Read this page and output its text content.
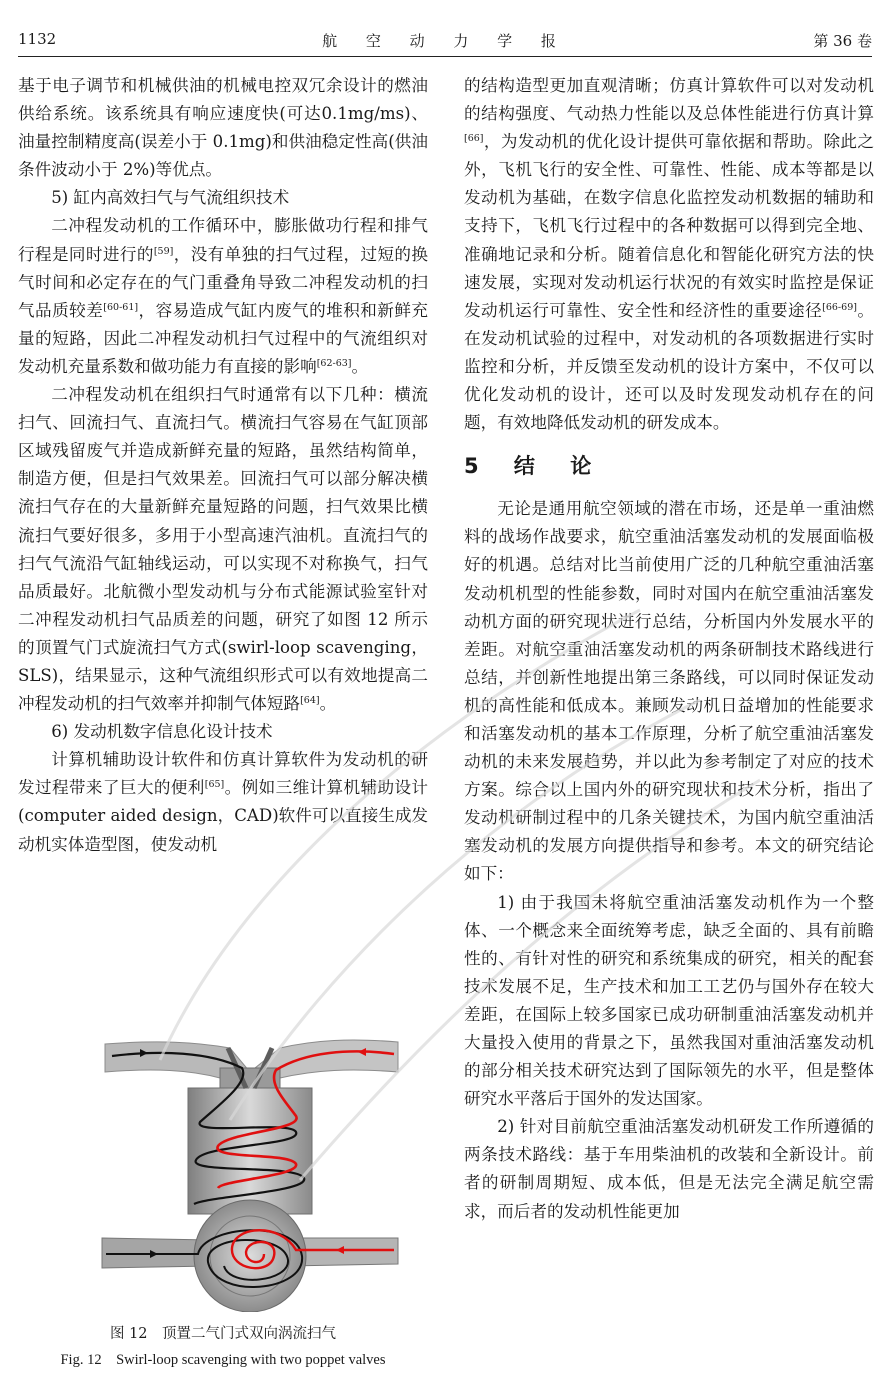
1132	航 空 动 力 学 报	第 36 卷

基于电子调节和机械供油的机械电控双冗余设计的燃油供给系统。该系统具有响应速度快(可达0.1mg/ms)、油量控制精度高(误差小于 0.1mg)和供油稳定性高(供油条件波动小于 2%)等优点。

5) 缸内高效扫气与气流组织技术

二冲程发动机的工作循环中，膨胀做功行程和排气行程是同时进行的[59]，没有单独的扫气过程，过短的换气时间和必定存在的气门重叠角导致二冲程发动机的扫气品质较差[60-61]，容易造成气缸内废气的堆积和新鲜充量的短路，因此二冲程发动机扫气过程中的气流组织对发动机充量系数和做功能力有直接的影响[62-63]。

二冲程发动机在组织扫气时通常有以下几种：横流扫气、回流扫气、直流扫气。横流扫气容易在气缸顶部区域残留废气并造成新鲜充量的短路，虽然结构简单，制造方便，但是扫气效果差。回流扫气可以部分解决横流扫气存在的大量新鲜充量短路的问题，扫气效果比横流扫气要好很多，多用于小型高速汽油机。直流扫气的扫气气流沿气缸轴线运动，可以实现不对称换气，扫气品质最好。北航微小型发动机与分布式能源试验室针对二冲程发动机扫气品质差的问题，研究了如图 12 所示的顶置气门式旋流扫气方式(swirl-loop scavenging，SLS)，结果显示，这种气流组织形式可以有效地提高二冲程发动机的扫气效率并抑制气体短路[64]。

6) 发动机数字信息化设计技术

计算机辅助设计软件和仿真计算软件为发动机的研发过程带来了巨大的便利[65]。例如三维计算机辅助设计(computer aided design，CAD)软件可以直接生成发动机实体造型图，使发动机

图 12　顶置二气门式双向涡流扫气
Fig. 12　Swirl-loop scavenging with two poppet valves

的结构造型更加直观清晰；仿真计算软件可以对发动机的结构强度、气动热力性能以及总体性能进行仿真计算[66]，为发动机的优化设计提供可靠依据和帮助。除此之外，飞机飞行的安全性、可靠性、性能、成本等都是以发动机为基础，在数字信息化监控发动机数据的辅助和支持下，飞机飞行过程中的各种数据可以得到完全地、准确地记录和分析。随着信息化和智能化研究方法的快速发展，实现对发动机运行状况的有效实时监控是保证发动机运行可靠性、安全性和经济性的重要途径[66-69]。在发动机试验的过程中，对发动机的各项数据进行实时监控和分析，并反馈至发动机的设计方案中，不仅可以优化发动机的设计，还可以及时发现发动机存在的问题，有效地降低发动机的研发成本。

5 结 论

无论是通用航空领域的潜在市场，还是单一重油燃料的战场作战要求，航空重油活塞发动机的发展面临极好的机遇。总结对比当前使用广泛的几种航空重油活塞发动机机型的性能参数，同时对国内在航空重油活塞发动机方面的研究现状进行总结，分析国内外发展水平的差距。对航空重油活塞发动机的两条研制技术路线进行总结，并创新性地提出第三条路线，可以同时保证发动机的高性能和低成本。兼顾发动机日益增加的性能要求和活塞发动机的基本工作原理，分析了航空重油活塞发动机的未来发展趋势，并以此为参考制定了对应的技术方案。综合以上国内外的研究现状和技术分析，指出了发动机研制过程中的几条关键技术，为国内航空重油活塞发动机的发展方向提供指导和参考。本文的研究结论如下：

1) 由于我国未将航空重油活塞发动机作为一个整体、一个概念来全面统筹考虑，缺乏全面的、具有前瞻性的、有针对性的研究和系统集成的研究，相关的配套技术发展不足，生产技术和加工工艺仍与国外存在较大差距，在国际上较多国家已成功研制重油活塞发动机并大量投入使用的背景之下，虽然我国对重油活塞发动机的部分相关技术研究达到了国际领先的水平，但是整体研究水平落后于国外的发达国家。

2) 针对目前航空重油活塞发动机研发工作所遵循的两条技术路线：基于车用柴油机的改装和全新设计。前者的研制周期短、成本低，但是无法完全满足航空需求，而后者的发动机性能更加
